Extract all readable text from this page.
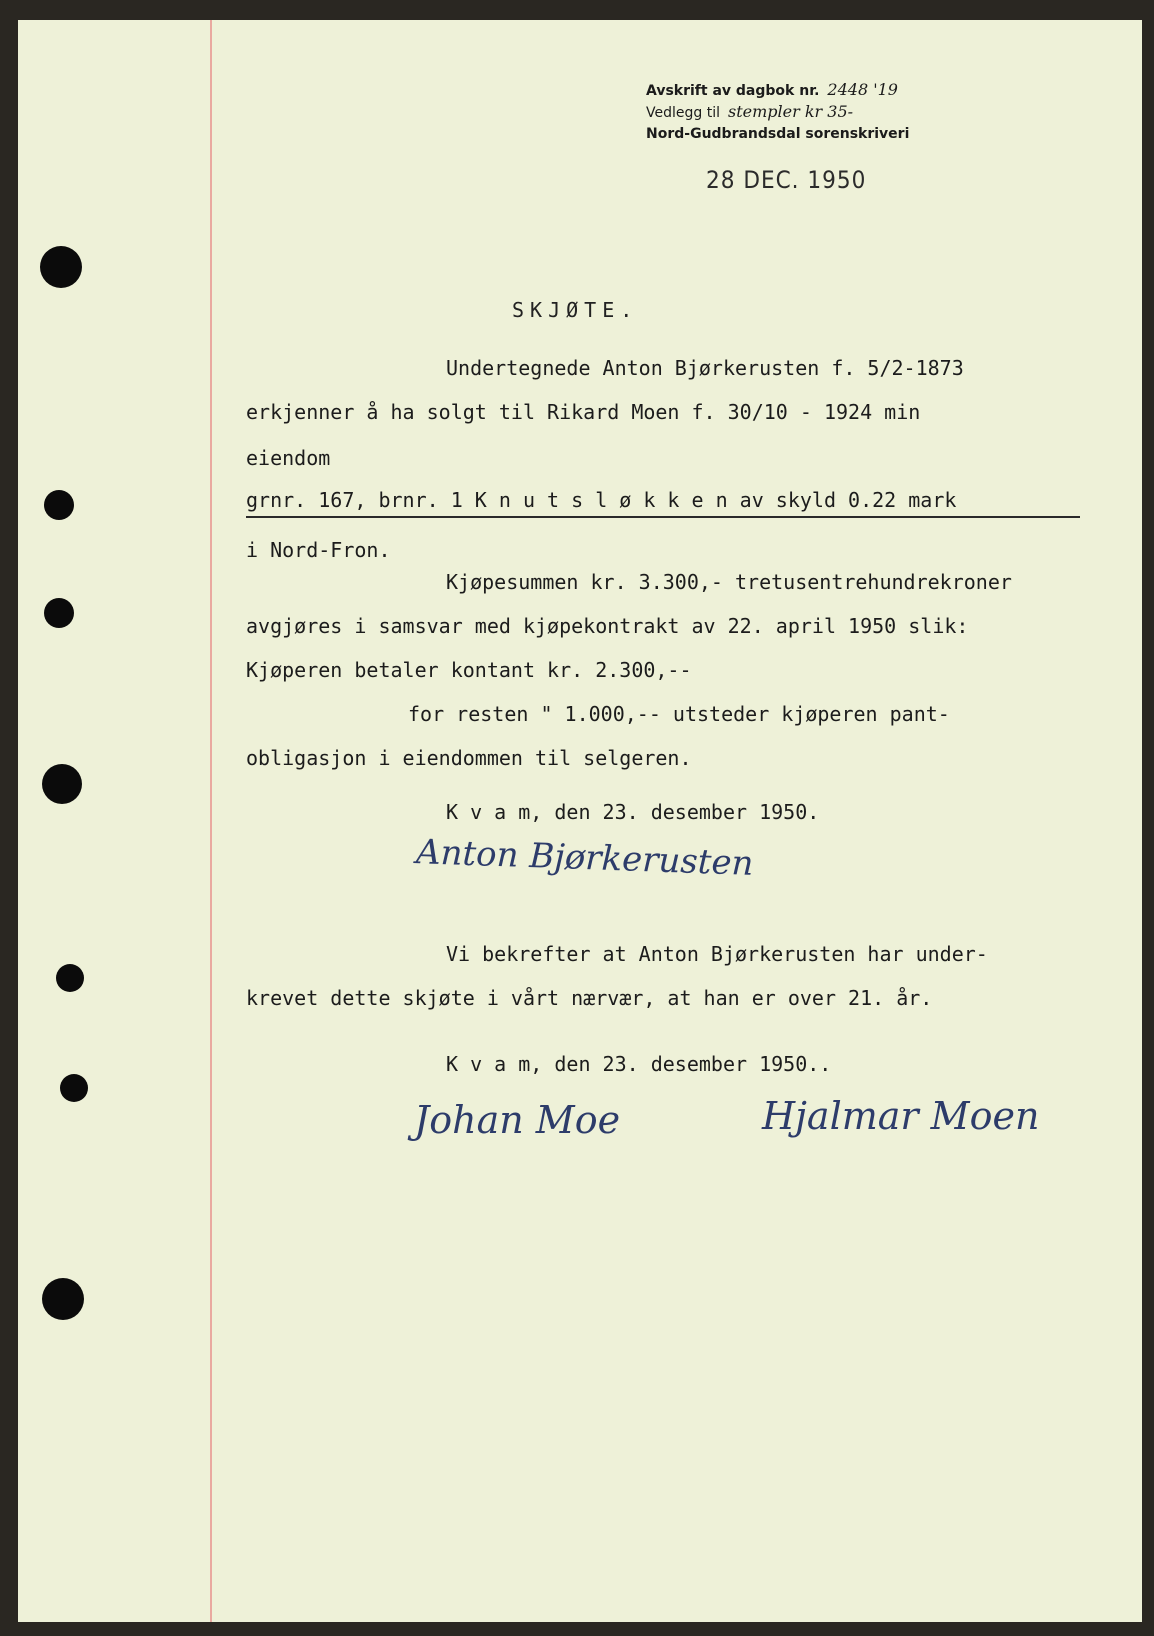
Avskrift av dagbok nr. 2448 '19
Vedlegg til stempler kr 35-
Nord-Gudbrandsdal sorenskriveri
28 DEC. 1950
SKJØTE.
Undertegnede Anton Bjørkerusten f. 5/2-1873
erkjenner å ha solgt til Rikard Moen f. 30/10 - 1924 min
eiendom
grnr. 167, brnr. 1 K n u t s l ø k k e n av skyld 0.22 mark
i Nord-Fron.
Kjøpesummen kr. 3.300,- tretusentrehundrekroner
avgjøres i samsvar med kjøpekontrakt av 22. april 1950 slik:
Kjøperen betaler kontant kr. 2.300,--
for resten " 1.000,-- utsteder kjøperen pant-
obligasjon i eiendommen til selgeren.
K v a m, den 23. desember 1950.
Anton Bjørkerusten
Vi bekrefter at Anton Bjørkerusten har under-
krevet dette skjøte i vårt nærvær, at han er over 21. år.
K v a m, den 23. desember 1950..
Johan Moe	Hjalmar Moen
